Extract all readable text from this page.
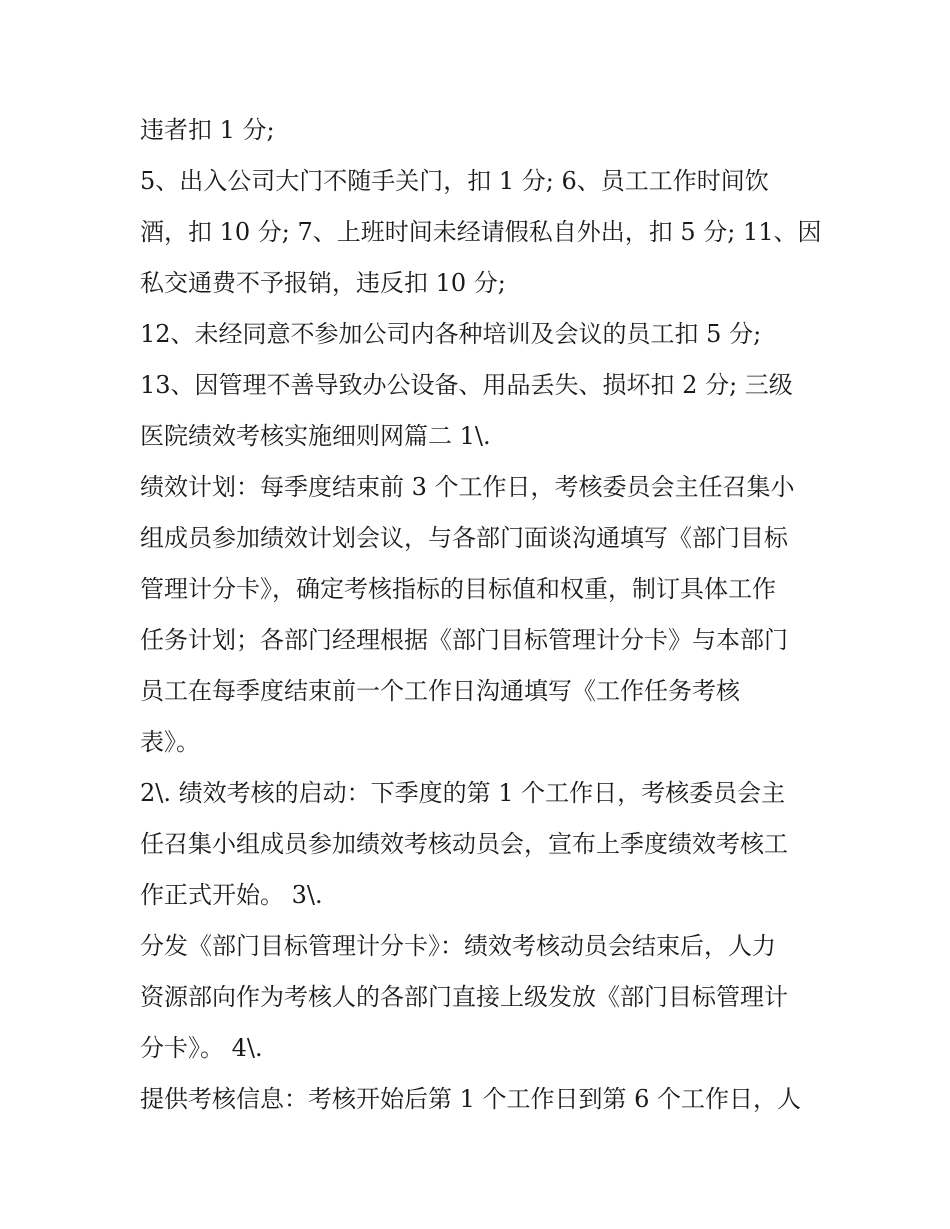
违者扣 1 分;
5、出入公司大门不随手关门，扣 1 分; 6、员工工作时间饮
酒，扣 10 分; 7、上班时间未经请假私自外出，扣 5 分; 11、因
私交通费不予报销，违反扣 10 分;
12、未经同意不参加公司内各种培训及会议的员工扣 5 分;
13、因管理不善导致办公设备、用品丢失、损坏扣 2 分; 三级
医院绩效考核实施细则网篇二 1\.
绩效计划：每季度结束前 3 个工作日，考核委员会主任召集小
组成员参加绩效计划会议，与各部门面谈沟通填写《部门目标
管理计分卡》，确定考核指标的目标值和权重，制订具体工作
任务计划；各部门经理根据《部门目标管理计分卡》与本部门
员工在每季度结束前一个工作日沟通填写《工作任务考核
表》。
2\. 绩效考核的启动：下季度的第 1 个工作日，考核委员会主
任召集小组成员参加绩效考核动员会，宣布上季度绩效考核工
作正式开始。 3\.
分发《部门目标管理计分卡》：绩效考核动员会结束后，人力
资源部向作为考核人的各部门直接上级发放《部门目标管理计
分卡》。 4\.
提供考核信息：考核开始后第 1 个工作日到第 6 个工作日，人
